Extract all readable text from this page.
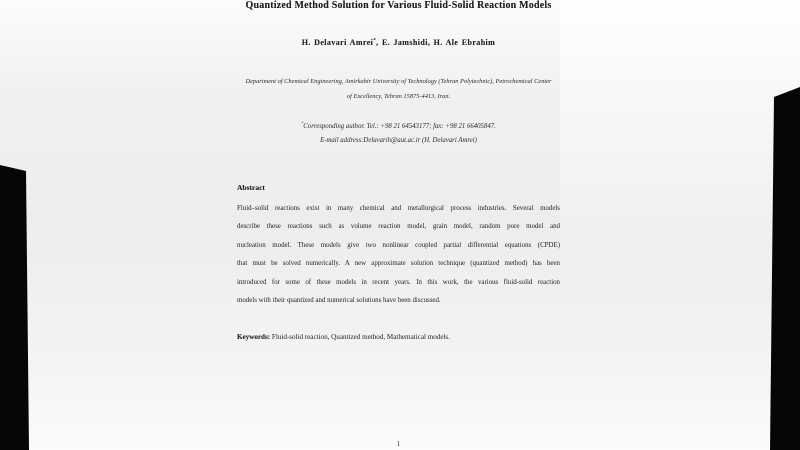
Quantized Method Solution for Various Fluid-Solid Reaction Models
H. Delavari Amrei*, E. Jamshidi, H. Ale Ebrahim
Department of Chemical Engineering, Amirkabir University of Technology (Tehran Polytechnic), Petrochemical Center
of Excellency, Tehran 15875-4413, Iran.
*Corresponding author. Tel.: +98 21 64543177; fax: +98 21 66405847.
E-mail address:Delavarih@aut.ac.ir (H. Delavari Amrei)
Abstract
Fluid–solid reactions exist in many chemical and metallurgical process industries. Several models
describe these reactions such as volume reaction model, grain model, random pore model and
nucleation model. These models give two nonlinear coupled partial differential equations (CPDE)
that must be solved numerically. A new approximate solution technique (quantized method) has been
introduced for some of these models in recent years. In this work, the various fluid-solid reaction
models with their quantized and numerical solutions have been discussed.
Keywords: Fluid-solid reaction, Quantized method, Mathematical models.
1
